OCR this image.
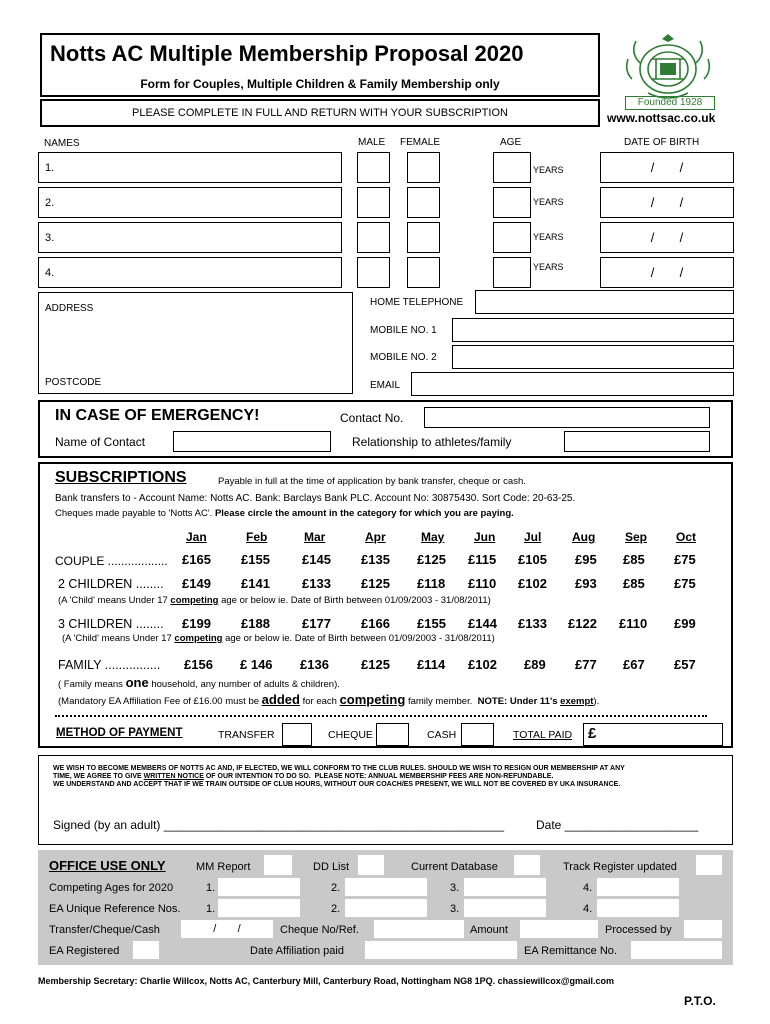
Notts AC Multiple Membership Proposal 2020
Form for Couples, Multiple Children & Family Membership only
PLEASE COMPLETE IN FULL AND RETURN WITH YOUR SUBSCRIPTION
Founded 1928
www.nottsac.co.uk
NAMES	MALE FEMALE	AGE	DATE OF BIRTH
1.	YEARS	/       /
2.	YEARS	/       /
3.	YEARS	/       /
4.	YEARS	/       /
ADDRESS
POSTCODE
HOME TELEPHONE
MOBILE NO. 1
MOBILE NO. 2
EMAIL
IN CASE OF EMERGENCY!	Contact No.
Name of Contact	Relationship to athletes/family
SUBSCRIPTIONS	Payable in full at the time of application by bank transfer, cheque or cash.
Bank transfers to - Account Name: Notts AC. Bank: Barclays Bank PLC. Account No: 30875430. Sort Code: 20-63-25.
Cheques made payable to 'Notts AC'. Please circle the amount in the category for which you are paying.
Jan	Feb	Mar	Apr	May Jun Jul	Aug Sep Oct
COUPLE .................. £165 £155 £145 £135 £125 £115 £105 £95 £85 £75
2 CHILDREN ........ £149 £141 £133 £125 £118 £110 £102 £93 £85 £75
(A 'Child' means Under 17 competing age or below ie. Date of Birth between 01/09/2003 - 31/08/2011)
3 CHILDREN ........ £199 £188 £177 £166 £155 £144 £133 £122 £110 £99
(A 'Child' means Under 17 competing age or below ie. Date of Birth between 01/09/2003 - 31/08/2011)
FAMILY ................ £156 £ 146 £136 £125 £114 £102 £89 £77 £67 £57
( Family means one household, any number of adults & children).
(Mandatory EA Affiliation Fee of £16.00 must be added for each competing family member.  NOTE: Under 11's exempt).
METHOD OF PAYMENT	TRANSFER	CHEQUE	CASH	TOTAL PAID £
WE WISH TO BECOME MEMBERS OF NOTTS AC AND, IF ELECTED, WE WILL CONFORM TO THE CLUB RULES. SHOULD WE WISH TO RESIGN OUR MEMBERSHIP AT ANY
TIME, WE AGREE TO GIVE WRITTEN NOTICE OF OUR INTENTION TO DO SO.  PLEASE NOTE: ANNUAL MEMBERSHIP FEES ARE NON-REFUNDABLE.
WE UNDERSTAND AND ACCEPT THAT IF WE TRAIN OUTSIDE OF CLUB HOURS, WITHOUT OUR COACH/ES PRESENT, WE WILL NOT BE COVERED BY UKA INSURANCE.
Signed (by an adult) ___________________________________________________	Date ____________________
OFFICE USE ONLY	MM Report	DD List	Current Database	Track Register updated
Competing Ages for 2020	1.	2.	3.	4.
EA Unique Reference Nos. 1.	2.	3.	4.
Transfer/Cheque/Cash	/       /	Cheque No/Ref.	Amount	Processed by
EA Registered	Date Affiliation paid	EA Remittance No.
Membership Secretary: Charlie Willcox, Notts AC, Canterbury Mill, Canterbury Road, Nottingham NG8 1PQ. chassiewillcox@gmail.com
P.T.O.
